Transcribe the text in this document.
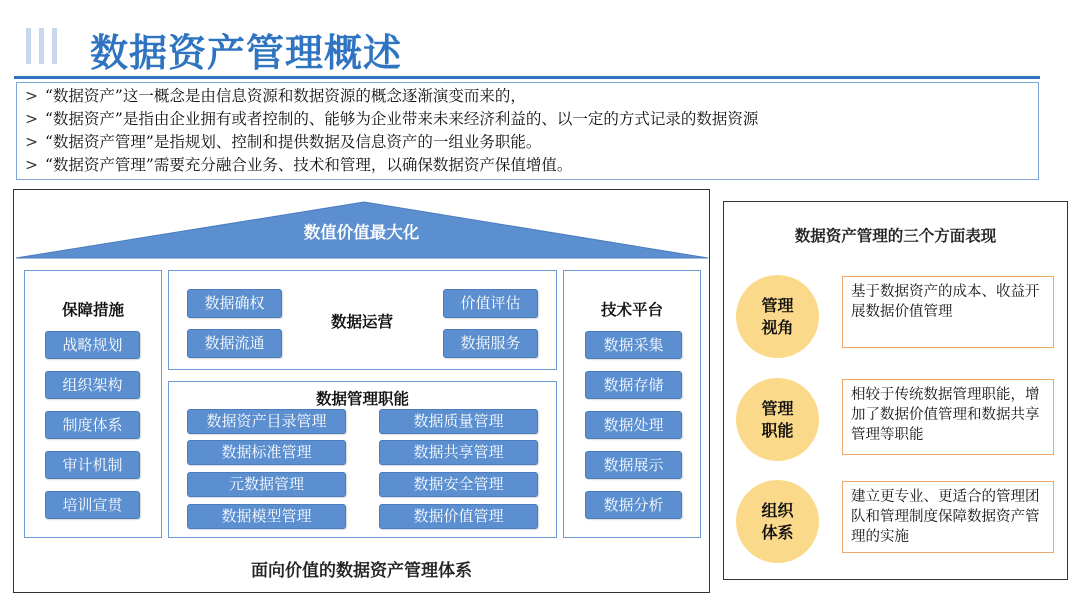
数据资产管理概述
> “数据资产”这一概念是由信息资源和数据资源的概念逐渐演变而来的，
> “数据资产”是指由企业拥有或者控制的、能够为企业带来未来经济利益的、以一定的方式记录的数据资源
> “数据资产管理”是指规划、控制和提供数据及信息资产的一组业务职能。
> “数据资产管理”需要充分融合业务、技术和管理，以确保数据资产保值增值。
数值价值最大化
保障措施
战略规划
组织架构
制度体系
审计机制
培训宣贯
数据运营
数据确权
数据流通
价值评估
数据服务
数据管理职能
数据资产目录管理	数据质量管理
数据标准管理	数据共享管理
元数据管理	数据安全管理
数据模型管理	数据价值管理
技术平台
数据采集
数据存储
数据处理
数据展示
数据分析
面向价值的数据资产管理体系
数据资产管理的三个方面表现
管理视角
基于数据资产的成本、收益开展数据价值管理
管理职能
相较于传统数据管理职能，增加了数据价值管理和数据共享管理等职能
组织体系
建立更专业、更适合的管理团队和管理制度保障数据资产管理的实施
